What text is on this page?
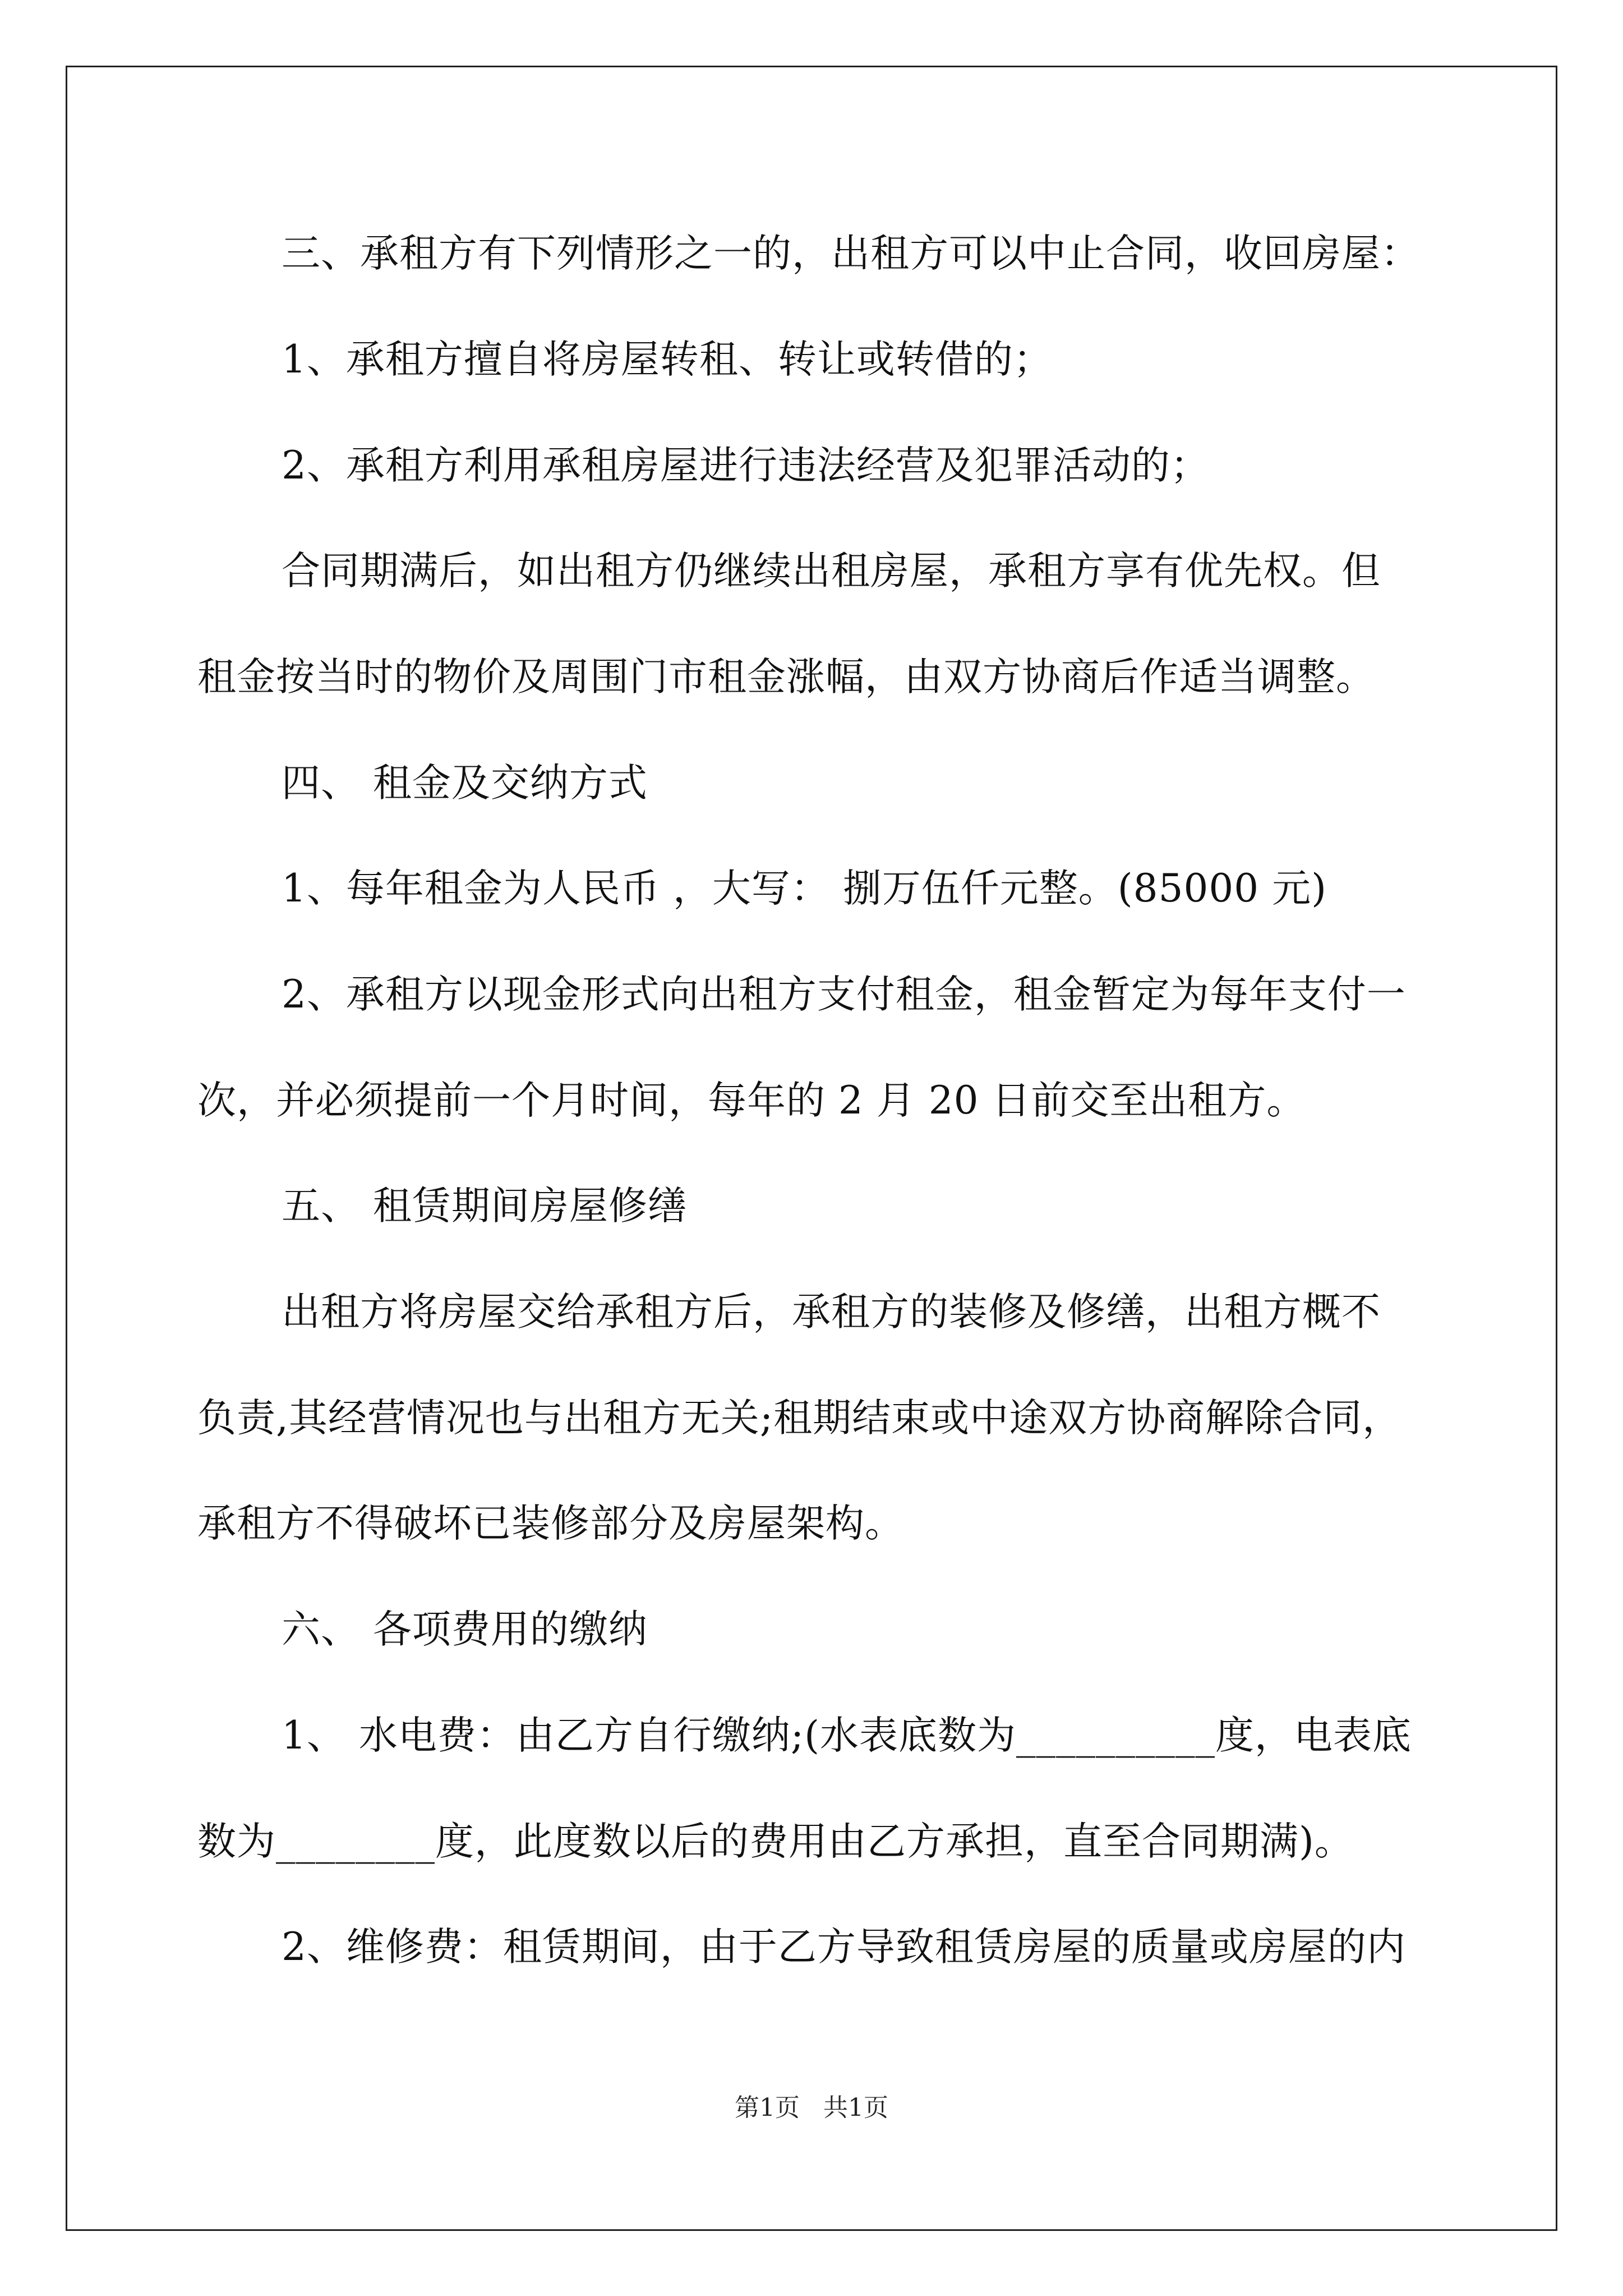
三、承租方有下列情形之一的，出租方可以中止合同，收回房屋：
1、承租方擅自将房屋转租、转让或转借的；
2、承租方利用承租房屋进行违法经营及犯罪活动的；
合同期满后，如出租方仍继续出租房屋，承租方享有优先权。但
租金按当时的物价及周围门市租金涨幅，由双方协商后作适当调整。
四、 租金及交纳方式
1、每年租金为人民币 ，大写： 捌万伍仟元整。(85000 元)
2、承租方以现金形式向出租方支付租金，租金暂定为每年支付一
次，并必须提前一个月时间，每年的 2 月 20 日前交至出租方。
五、 租赁期间房屋修缮
出租方将房屋交给承租方后，承租方的装修及修缮，出租方概不
负责,其经营情况也与出租方无关;租期结束或中途双方协商解除合同，
承租方不得破坏已装修部分及房屋架构。
六、 各项费用的缴纳
1、 水电费：由乙方自行缴纳;(水表底数为__________度，电表底
数为________度，此度数以后的费用由乙方承担，直至合同期满)。
2、维修费：租赁期间，由于乙方导致租赁房屋的质量或房屋的内
第1页 共1页
